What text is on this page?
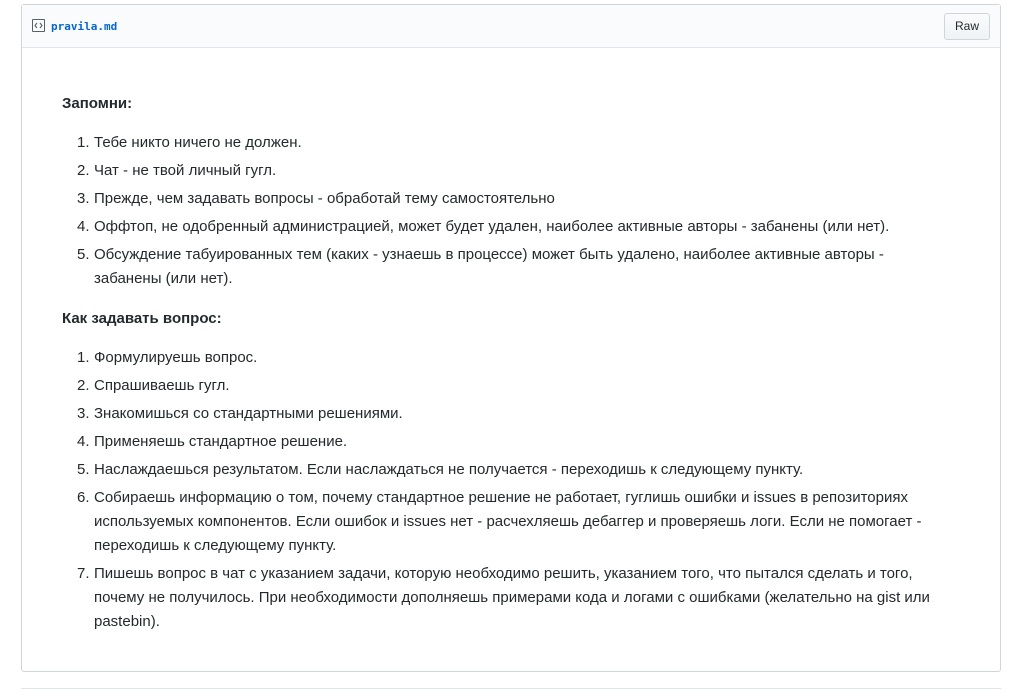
pravila.md	Raw
Запомни:
1. Тебе никто ничего не должен.
2. Чат - не твой личный гугл.
3. Прежде, чем задавать вопросы - обработай тему самостоятельно
4. Оффтоп, не одобренный администрацией, может будет удален, наиболее активные авторы - забанены (или нет).
5. Обсуждение табуированных тем (каких - узнаешь в процессе) может быть удалено, наиболее активные авторы - забанены (или нет).
Как задавать вопрос:
1. Формулируешь вопрос.
2. Спрашиваешь гугл.
3. Знакомишься со стандартными решениями.
4. Применяешь стандартное решение.
5. Наслаждаешься результатом. Если наслаждаться не получается - переходишь к следующему пункту.
6. Собираешь информацию о том, почему стандартное решение не работает, гуглишь ошибки и issues в репозиториях используемых компонентов. Если ошибок и issues нет - расчехляешь дебаггер и проверяешь логи. Если не помогает - переходишь к следующему пункту.
7. Пишешь вопрос в чат с указанием задачи, которую необходимо решить, указанием того, что пытался сделать и того, почему не получилось. При необходимости дополняешь примерами кода и логами с ошибками (желательно на gist или pastebin).
